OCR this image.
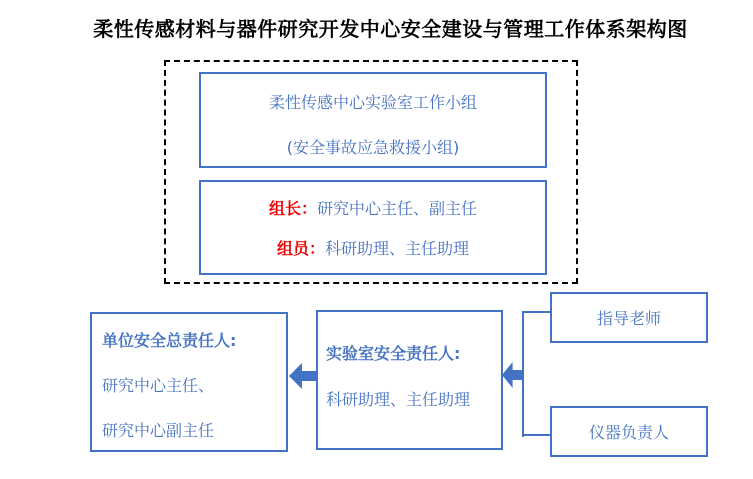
柔性传感材料与器件研究开发中心安全建设与管理工作体系架构图
柔性传感中心实验室工作小组
(安全事故应急救援小组)
组长：研究中心主任、副主任
组员：科研助理、主任助理
单位安全总责任人:
研究中心主任、
研究中心副主任
实验室安全责任人:
科研助理、主任助理
指导老师
仪器负责人
